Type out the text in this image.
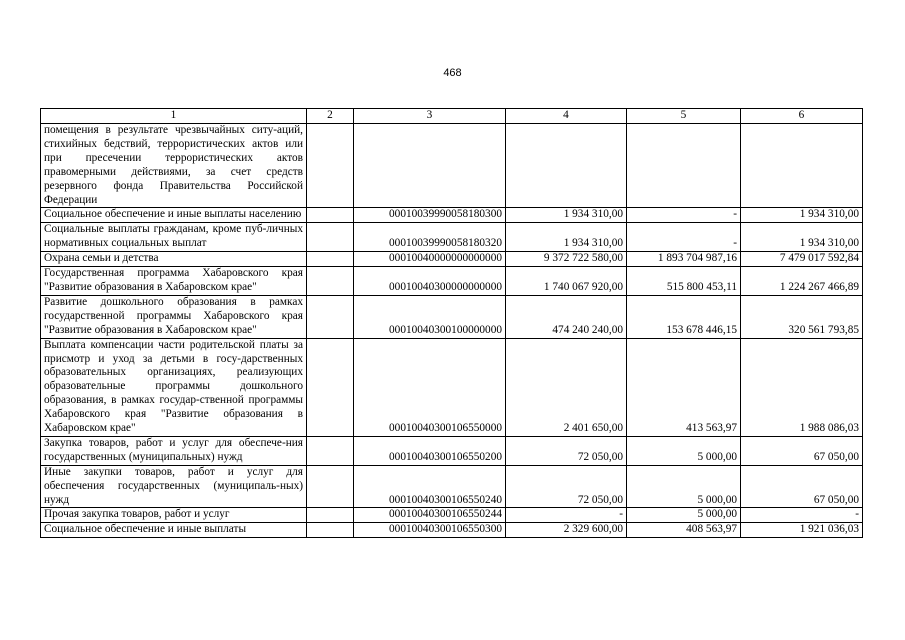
468
1	2	3	4	5	6
помещения в результате чрезвычайных ситу-аций, стихийных бедствий, террористических актов или при пресечении террористических актов правомерными действиями, за счет средств резервного фонда Правительства Российской Федерации					
Социальное обеспечение и иные выплаты населению		00010039990058180300	1 934 310,00	-	1 934 310,00
Социальные выплаты гражданам, кроме пуб-личных нормативных социальных выплат		00010039990058180320	1 934 310,00	-	1 934 310,00
Охрана семьи и детства		00010040000000000000	9 372 722 580,00	1 893 704 987,16	7 479 017 592,84
Государственная программа Хабаровского края "Развитие образования в Хабаровском крае"		00010040300000000000	1 740 067 920,00	515 800 453,11	1 224 267 466,89
Развитие дошкольного образования в рамках государственной программы Хабаровского края "Развитие образования в Хабаровском крае"		00010040300100000000	474 240 240,00	153 678 446,15	320 561 793,85
Выплата компенсации части родительской платы за присмотр и уход за детьми в госу-дарственных образовательных организациях, реализующих образовательные программы дошкольного образования, в рамках государ-ственной программы Хабаровского края "Развитие образования в Хабаровском крае"		00010040300106550000	2 401 650,00	413 563,97	1 988 086,03
Закупка товаров, работ и услуг для обеспече-ния государственных (муниципальных) нужд		00010040300106550200	72 050,00	5 000,00	67 050,00
Иные закупки товаров, работ и услуг для обеспечения государственных (муниципаль-ных) нужд		00010040300106550240	72 050,00	5 000,00	67 050,00
Прочая закупка товаров, работ и услуг		00010040300106550244	-	5 000,00	-
Социальное обеспечение и иные выплаты		00010040300106550300	2 329 600,00	408 563,97	1 921 036,03
